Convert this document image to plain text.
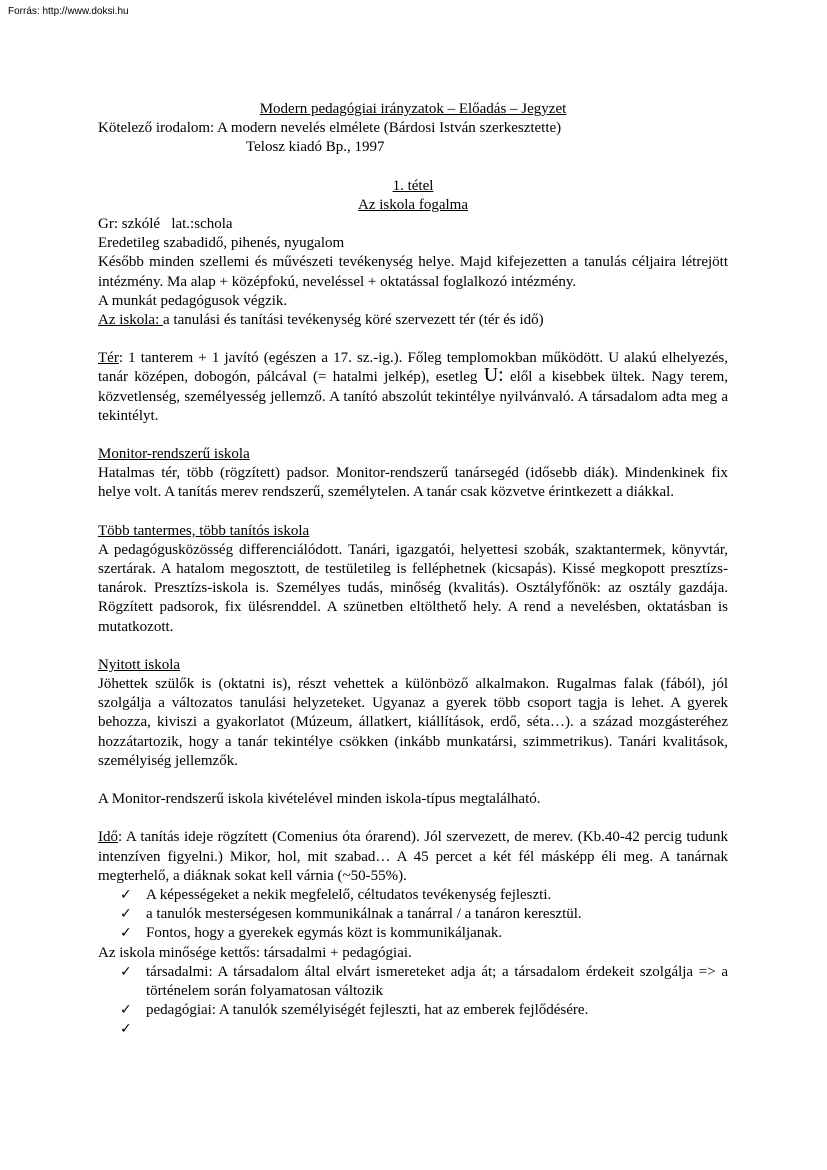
Forrás: http://www.doksi.hu

Modern pedagógiai irányzatok – Előadás – Jegyzet

Kötelező irodalom: A modern nevelés elmélete (Bárdosi István szerkesztette)

Telosz kiadó Bp., 1997

1. tétel

Az iskola fogalma

Gr: szkólé   lat.:schola

Eredetileg szabadidő, pihenés, nyugalom

Később minden szellemi és művészeti tevékenység helye. Majd kifejezetten a tanulás céljaira létrejött intézmény. Ma alap + középfokú, neveléssel + oktatással foglalkozó intézmény.

A munkát pedagógusok végzik.

Az iskola: a tanulási és tanítási tevékenység köré szervezett tér (tér és idő)

Tér: 1 tanterem + 1 javító (egészen a 17. sz.-ig.). Főleg templomokban működött. U alakú elhelyezés, tanár középen, dobogón, pálcával (= hatalmi jelkép), esetleg U: elől a kisebbek ültek. Nagy terem, közvetlenség, személyesség jellemző. A tanító abszolút tekintélye nyilvánvaló. A társadalom adta meg a tekintélyt.

Monitor-rendszerű iskola

Hatalmas tér, több (rögzített) padsor. Monitor-rendszerű tanársegéd (idősebb diák). Mindenkinek fix helye volt. A tanítás merev rendszerű, személytelen. A tanár csak közvetve érintkezett a diákkal.

Több tantermes, több tanítós iskola

A pedagógusközösség differenciálódott. Tanári, igazgatói, helyettesi szobák, szaktantermek, könyvtár, szertárak. A hatalom megosztott, de testületileg is felléphetnek (kicsapás). Kissé megkopott presztízs-tanárok. Presztízs-iskola is. Személyes tudás, minőség (kvalitás). Osztályfőnök: az osztály gazdája. Rögzített padsorok, fix ülésrenddel. A szünetben eltölthető hely. A rend a nevelésben, oktatásban is mutatkozott.

Nyitott iskola

Jöhettek szülők is (oktatni is), részt vehettek a különböző alkalmakon. Rugalmas falak (fából), jól szolgálja a változatos tanulási helyzeteket. Ugyanaz a gyerek több csoport tagja is lehet. A gyerek behozza, kiviszi a gyakorlatot (Múzeum, állatkert, kiállítások, erdő, séta…). a század mozgásteréhez hozzátartozik, hogy a tanár tekintélye csökken (inkább munkatársi, szimmetrikus). Tanári kvalitások, személyiség jellemzők.

A Monitor-rendszerű iskola kivételével minden iskola-típus megtalálható.

Idő: A tanítás ideje rögzített (Comenius óta órarend). Jól szervezett, de merev. (Kb.40-42 percig tudunk intenzíven figyelni.) Mikor, hol, mit szabad… A 45 percet a két fél másképp éli meg. A tanárnak megterhelő, a diáknak sokat kell várnia (~50-55%).

✓ A képességeket a nekik megfelelő, céltudatos tevékenység fejleszti.
✓ a tanulók mesterségesen kommunikálnak a tanárral / a tanáron keresztül.
✓ Fontos, hogy a gyerekek egymás közt is kommunikáljanak.

Az iskola minősége kettős: társadalmi + pedagógiai.

✓ társadalmi: A társadalom által elvárt ismereteket adja át; a társadalom érdekeit szolgálja => a történelem során folyamatosan változik
✓ pedagógiai: A tanulók személyiségét fejleszti, hat az emberek fejlődésére.
✓
